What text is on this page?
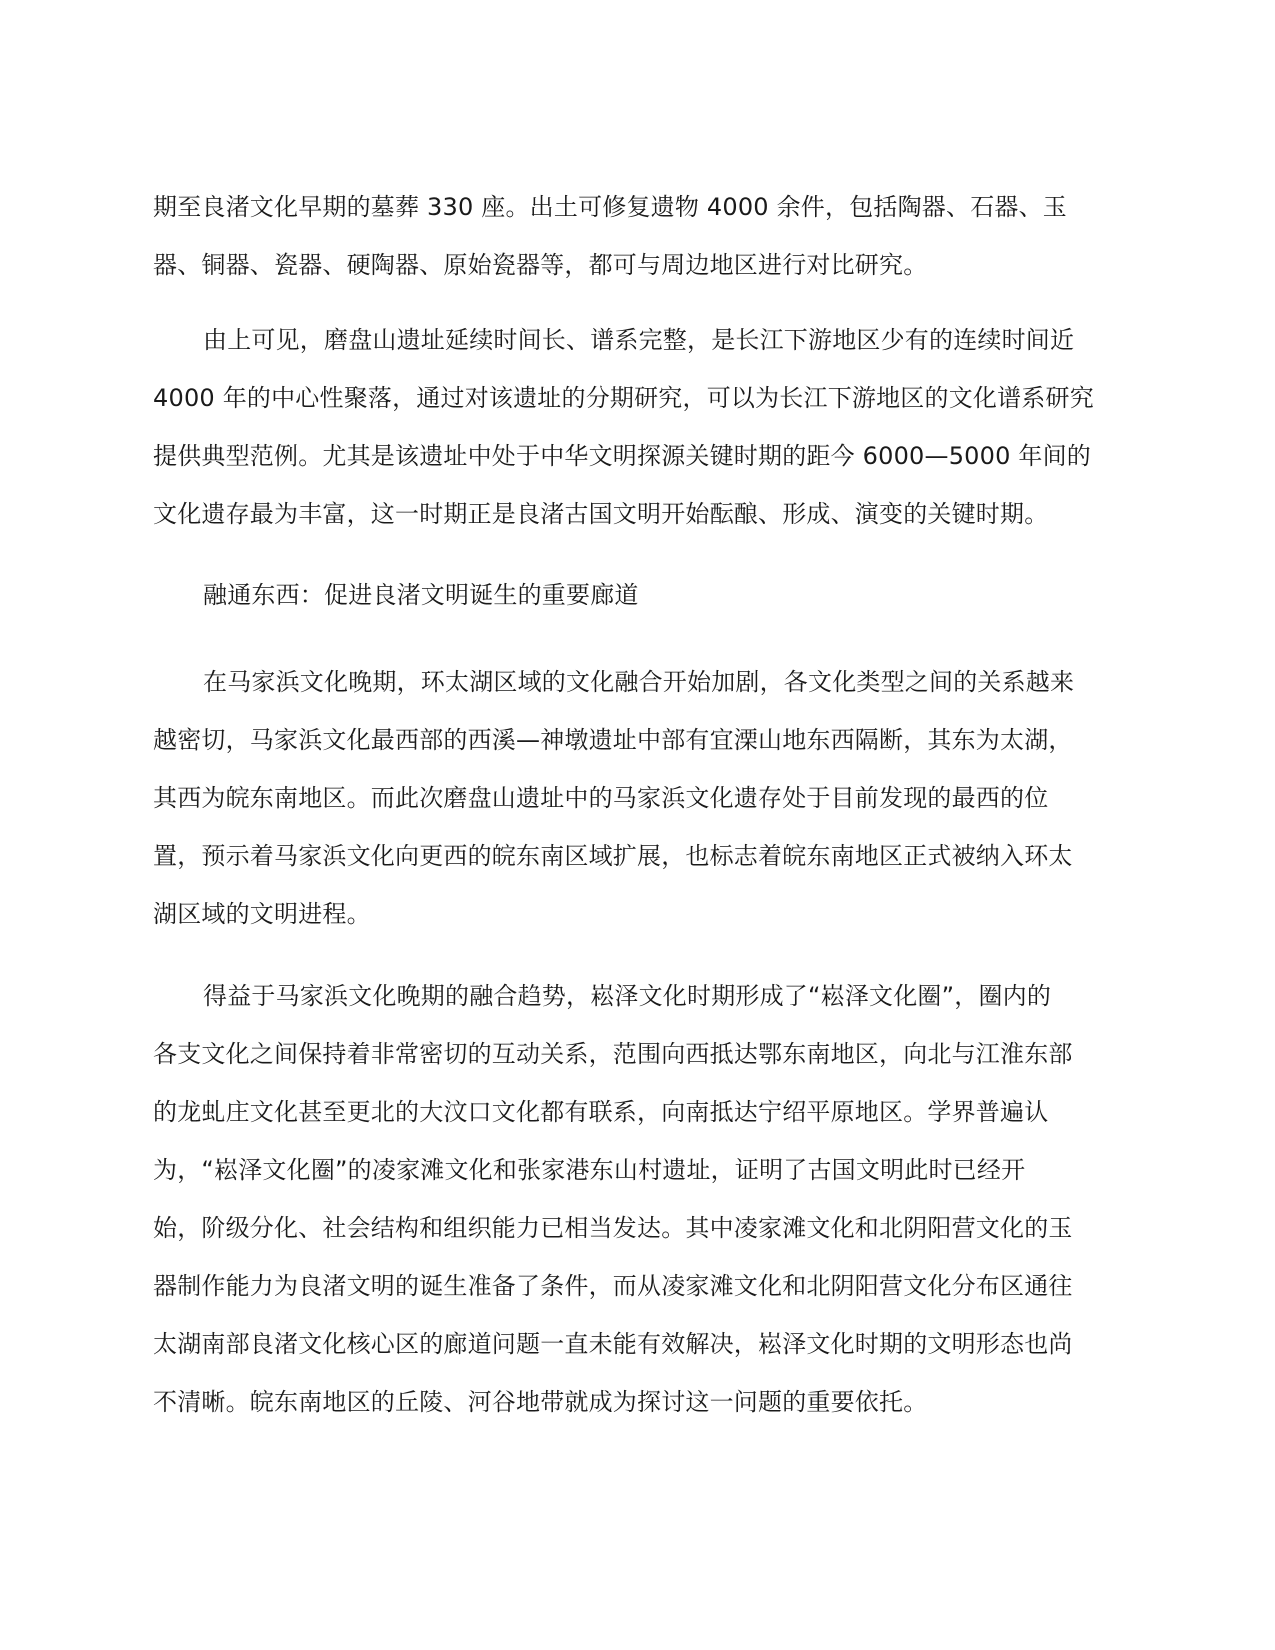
期至良渚文化早期的墓葬 330 座。出土可修复遗物 4000 余件，包括陶器、石器、玉
器、铜器、瓷器、硬陶器、原始瓷器等，都可与周边地区进行对比研究。
由上可见，磨盘山遗址延续时间长、谱系完整，是长江下游地区少有的连续时间近
4000 年的中心性聚落，通过对该遗址的分期研究，可以为长江下游地区的文化谱系研究
提供典型范例。尤其是该遗址中处于中华文明探源关键时期的距今 6000—5000 年间的
文化遗存最为丰富，这一时期正是良渚古国文明开始酝酿、形成、演变的关键时期。
融通东西：促进良渚文明诞生的重要廊道
在马家浜文化晚期，环太湖区域的文化融合开始加剧，各文化类型之间的关系越来
越密切，马家浜文化最西部的西溪—神墩遗址中部有宜溧山地东西隔断，其东为太湖，
其西为皖东南地区。而此次磨盘山遗址中的马家浜文化遗存处于目前发现的最西的位
置，预示着马家浜文化向更西的皖东南区域扩展，也标志着皖东南地区正式被纳入环太
湖区域的文明进程。
得益于马家浜文化晚期的融合趋势，崧泽文化时期形成了“崧泽文化圈”，圈内的
各支文化之间保持着非常密切的互动关系，范围向西抵达鄂东南地区，向北与江淮东部
的龙虬庄文化甚至更北的大汶口文化都有联系，向南抵达宁绍平原地区。学界普遍认
为，“崧泽文化圈”的凌家滩文化和张家港东山村遗址，证明了古国文明此时已经开
始，阶级分化、社会结构和组织能力已相当发达。其中凌家滩文化和北阴阳营文化的玉
器制作能力为良渚文明的诞生准备了条件，而从凌家滩文化和北阴阳营文化分布区通往
太湖南部良渚文化核心区的廊道问题一直未能有效解决，崧泽文化时期的文明形态也尚
不清晰。皖东南地区的丘陵、河谷地带就成为探讨这一问题的重要依托。
